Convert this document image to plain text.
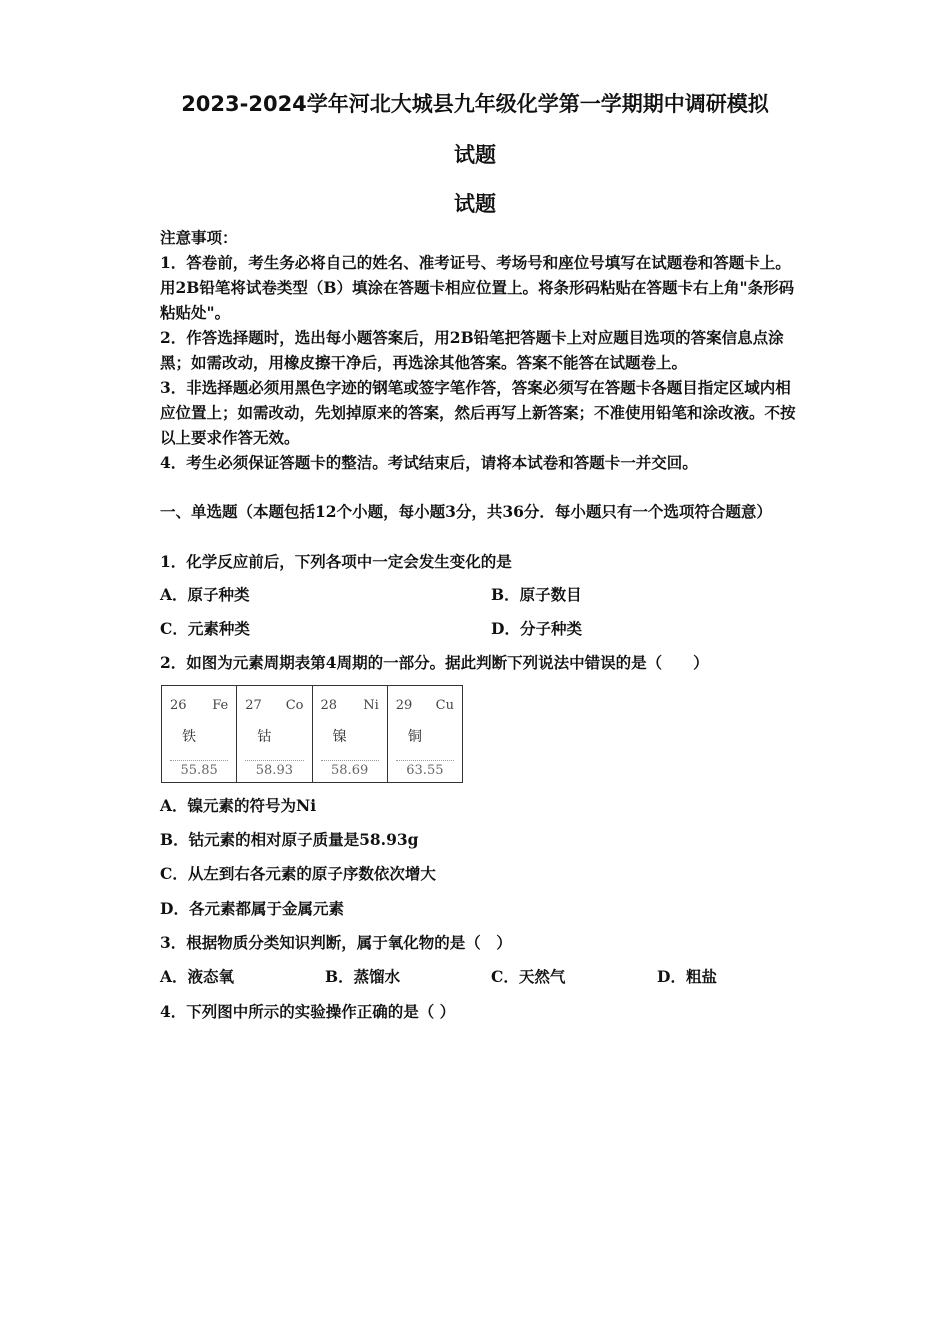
2023-2024学年河北大城县九年级化学第一学期期中调研模拟
试题
试题
注意事项：
1．答卷前，考生务必将自己的姓名、准考证号、考场号和座位号填写在试题卷和答题卡上。用2B铅笔将试卷类型（B）填涂在答题卡相应位置上。将条形码粘贴在答题卡右上角"条形码粘贴处"。
2．作答选择题时，选出每小题答案后，用2B铅笔把答题卡上对应题目选项的答案信息点涂黑；如需改动，用橡皮擦干净后，再选涂其他答案。答案不能答在试题卷上。
3．非选择题必须用黑色字迹的钢笔或签字笔作答，答案必须写在答题卡各题目指定区域内相应位置上；如需改动，先划掉原来的答案，然后再写上新答案；不准使用铅笔和涂改液。不按以上要求作答无效。
4．考生必须保证答题卡的整洁。考试结束后，请将本试卷和答题卡一并交回。
一、单选题（本题包括12个小题，每小题3分，共36分．每小题只有一个选项符合题意）
1．化学反应前后，下列各项中一定会发生变化的是
A．原子种类	B．原子数目
C．元素种类	D．分子种类
2．如图为元素周期表第4周期的一部分。据此判断下列说法中错误的是（　　）
26 Fe
铁
55.85
27 Co
钴
58.93
28 Ni
镍
58.69
29 Cu
铜
63.55
A．镍元素的符号为Ni
B．钴元素的相对原子质量是58.93g
C．从左到右各元素的原子序数依次增大
D．各元素都属于金属元素
3．根据物质分类知识判断，属于氧化物的是（　）
A．液态氧	B．蒸馏水	C．天然气	D．粗盐
4．下列图中所示的实验操作正确的是（ ）
